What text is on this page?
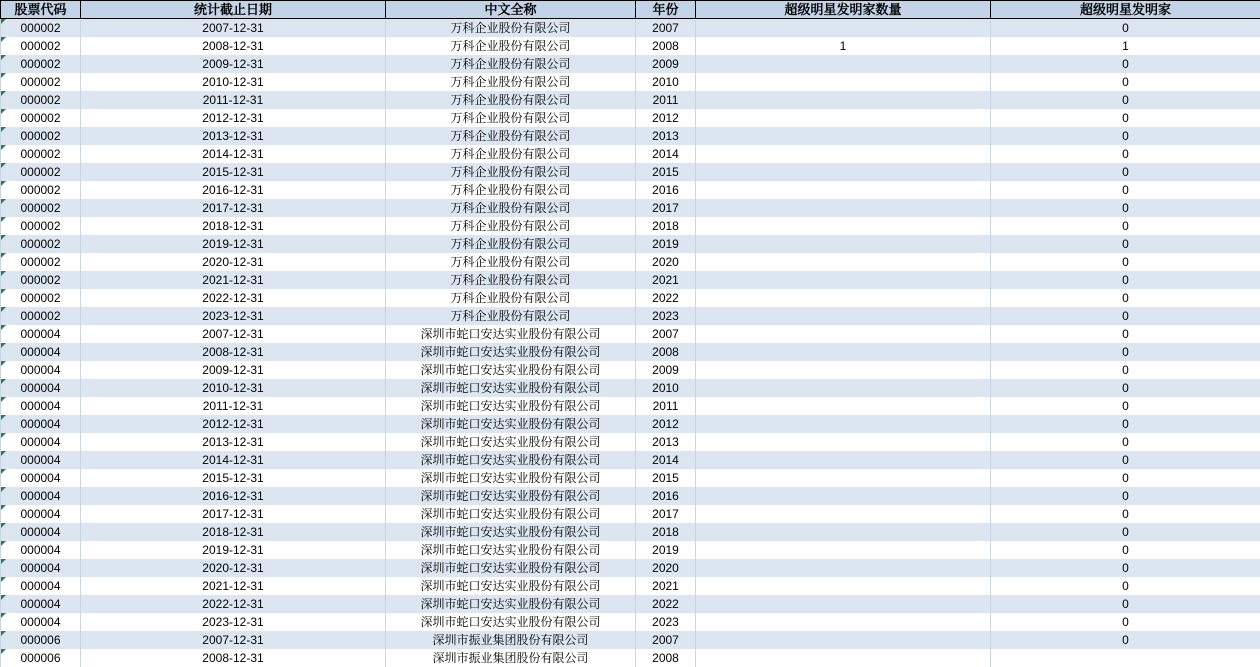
股票代码	统计截止日期	中文全称	年份	超级明星发明家数量	超级明星发明家

000002	2007-12-31	万科企业股份有限公司	2007		0

000002	2008-12-31	万科企业股份有限公司	2008	1	1

000002	2009-12-31	万科企业股份有限公司	2009		0

000002	2010-12-31	万科企业股份有限公司	2010		0

000002	2011-12-31	万科企业股份有限公司	2011		0

000002	2012-12-31	万科企业股份有限公司	2012		0

000002	2013-12-31	万科企业股份有限公司	2013		0

000002	2014-12-31	万科企业股份有限公司	2014		0

000002	2015-12-31	万科企业股份有限公司	2015		0

000002	2016-12-31	万科企业股份有限公司	2016		0

000002	2017-12-31	万科企业股份有限公司	2017		0

000002	2018-12-31	万科企业股份有限公司	2018		0

000002	2019-12-31	万科企业股份有限公司	2019		0

000002	2020-12-31	万科企业股份有限公司	2020		0

000002	2021-12-31	万科企业股份有限公司	2021		0

000002	2022-12-31	万科企业股份有限公司	2022		0

000002	2023-12-31	万科企业股份有限公司	2023		0

000004	2007-12-31	深圳市蛇口安达实业股份有限公司	2007		0

000004	2008-12-31	深圳市蛇口安达实业股份有限公司	2008		0

000004	2009-12-31	深圳市蛇口安达实业股份有限公司	2009		0

000004	2010-12-31	深圳市蛇口安达实业股份有限公司	2010		0

000004	2011-12-31	深圳市蛇口安达实业股份有限公司	2011		0

000004	2012-12-31	深圳市蛇口安达实业股份有限公司	2012		0

000004	2013-12-31	深圳市蛇口安达实业股份有限公司	2013		0

000004	2014-12-31	深圳市蛇口安达实业股份有限公司	2014		0

000004	2015-12-31	深圳市蛇口安达实业股份有限公司	2015		0

000004	2016-12-31	深圳市蛇口安达实业股份有限公司	2016		0

000004	2017-12-31	深圳市蛇口安达实业股份有限公司	2017		0

000004	2018-12-31	深圳市蛇口安达实业股份有限公司	2018		0

000004	2019-12-31	深圳市蛇口安达实业股份有限公司	2019		0

000004	2020-12-31	深圳市蛇口安达实业股份有限公司	2020		0

000004	2021-12-31	深圳市蛇口安达实业股份有限公司	2021		0

000004	2022-12-31	深圳市蛇口安达实业股份有限公司	2022		0

000004	2023-12-31	深圳市蛇口安达实业股份有限公司	2023		0

000006	2007-12-31	深圳市振业集团股份有限公司	2007		0

000006	2008-12-31	深圳市振业集团股份有限公司	2008		
